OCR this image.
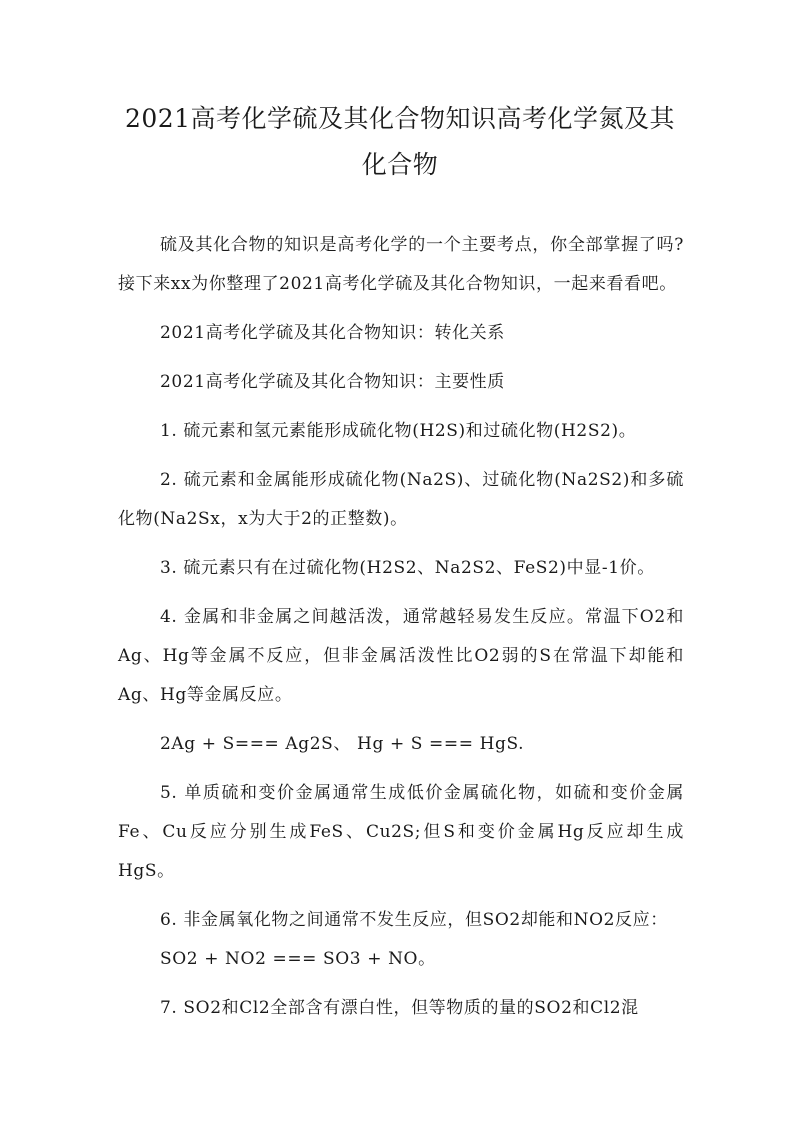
2021高考化学硫及其化合物知识高考化学氮及其化合物

硫及其化合物的知识是高考化学的一个主要考点，你全部掌握了吗?接下来xx为你整理了2021高考化学硫及其化合物知识，一起来看看吧。

2021高考化学硫及其化合物知识：转化关系

2021高考化学硫及其化合物知识：主要性质

1. 硫元素和氢元素能形成硫化物(H2S)和过硫化物(H2S2)。

2. 硫元素和金属能形成硫化物(Na2S)、过硫化物(Na2S2)和多硫化物(Na2Sx，x为大于2的正整数)。

3. 硫元素只有在过硫化物(H2S2、Na2S2、FeS2)中显-1价。

4. 金属和非金属之间越活泼，通常越轻易发生反应。常温下O2和Ag、Hg等金属不反应，但非金属活泼性比O2弱的S在常温下却能和Ag、Hg等金属反应。

2Ag + S=== Ag2S、 Hg + S === HgS.

5. 单质硫和变价金属通常生成低价金属硫化物，如硫和变价金属Fe、Cu反应分别生成FeS、Cu2S;但S和变价金属Hg反应却生成HgS。

6. 非金属氧化物之间通常不发生反应，但SO2却能和NO2反应：

SO2 + NO2 === SO3 + NO。

7. SO2和Cl2全部含有漂白性，但等物质的量的SO2和Cl2混
